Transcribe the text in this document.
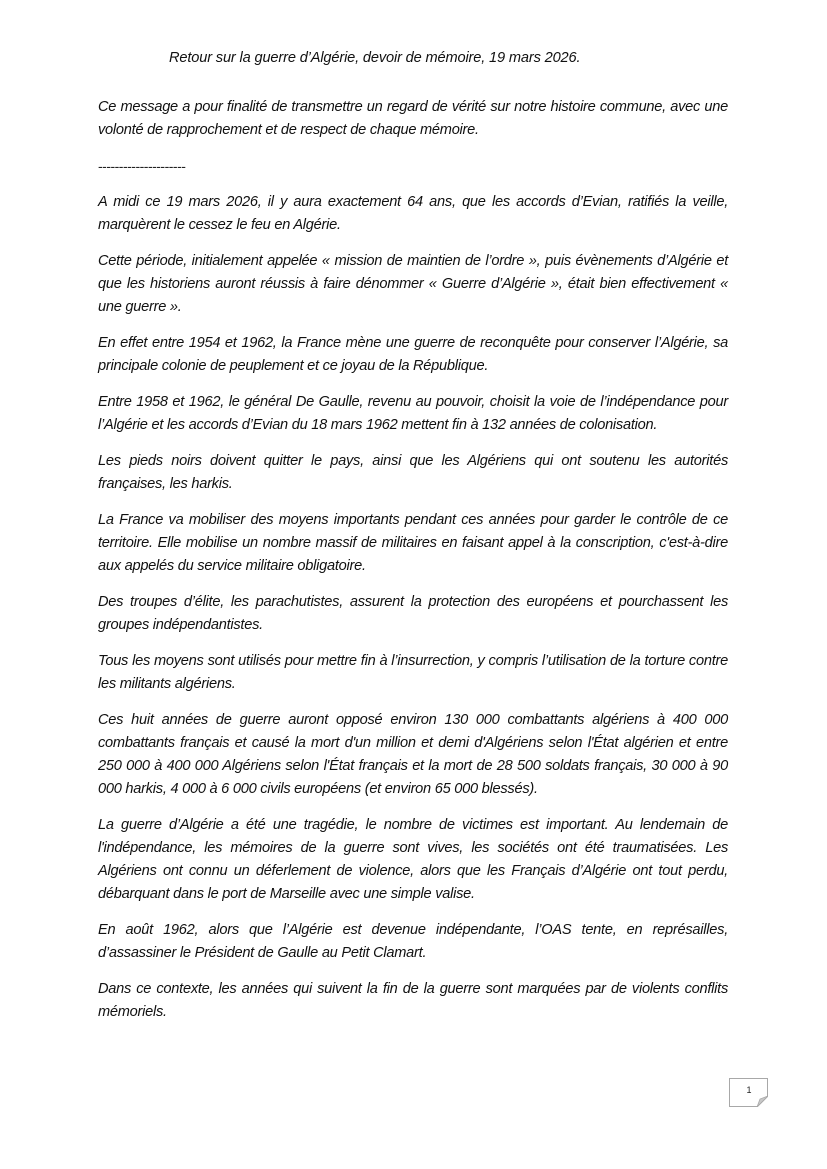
Retour sur la guerre d’Algérie, devoir de mémoire, 19 mars 2026.

Ce message a pour finalité de transmettre un regard de vérité sur notre histoire commune, avec une volonté de rapprochement et de respect de chaque mémoire.

---------------------

A midi ce 19 mars 2026, il y aura exactement 64 ans, que les accords d’Evian, ratifiés la veille, marquèrent le cessez le feu en Algérie.

Cette période, initialement appelée « mission de maintien de l’ordre », puis évènements d’Algérie et que les historiens auront réussis à faire dénommer « Guerre d’Algérie », était bien effectivement « une guerre ».

En effet entre 1954 et 1962, la France mène une guerre de reconquête pour conserver l’Algérie, sa principale colonie de peuplement et ce joyau de la République.

Entre 1958 et 1962, le général De Gaulle, revenu au pouvoir, choisit la voie de l’indépendance pour l’Algérie et les accords d’Evian du 18 mars 1962 mettent fin à 132 années de colonisation.

Les pieds noirs doivent quitter le pays, ainsi que les Algériens qui ont soutenu les autorités françaises, les harkis.

La France va mobiliser des moyens importants pendant ces années pour garder le contrôle de ce territoire. Elle mobilise un nombre massif de militaires en faisant appel à la conscription, c'est-à-dire aux appelés du service militaire obligatoire.

Des troupes d’élite, les parachutistes, assurent la protection des européens et pourchassent les groupes indépendantistes.

Tous les moyens sont utilisés pour mettre fin à l’insurrection, y compris l’utilisation de la torture contre les militants algériens.

Ces huit années de guerre auront opposé environ 130 000 combattants algériens à 400 000 combattants français et causé la mort d'un million et demi d'Algériens selon l'État algérien et entre 250 000 à 400 000 Algériens selon l'État français et la mort de 28 500 soldats français, 30 000 à 90 000 harkis, 4 000 à 6 000 civils européens (et environ 65 000 blessés).

La guerre d’Algérie a été une tragédie, le nombre de victimes est important. Au lendemain de l'indépendance, les mémoires de la guerre sont vives, les sociétés ont été traumatisées. Les Algériens ont connu un déferlement de violence, alors que les Français d’Algérie ont tout perdu, débarquant dans le port de Marseille avec une simple valise.

En août 1962, alors que l’Algérie est devenue indépendante, l’OAS tente, en représailles, d’assassiner le Président de Gaulle au Petit Clamart.

Dans ce contexte, les années qui suivent la fin de la guerre sont marquées par de violents conflits mémoriels.

1
